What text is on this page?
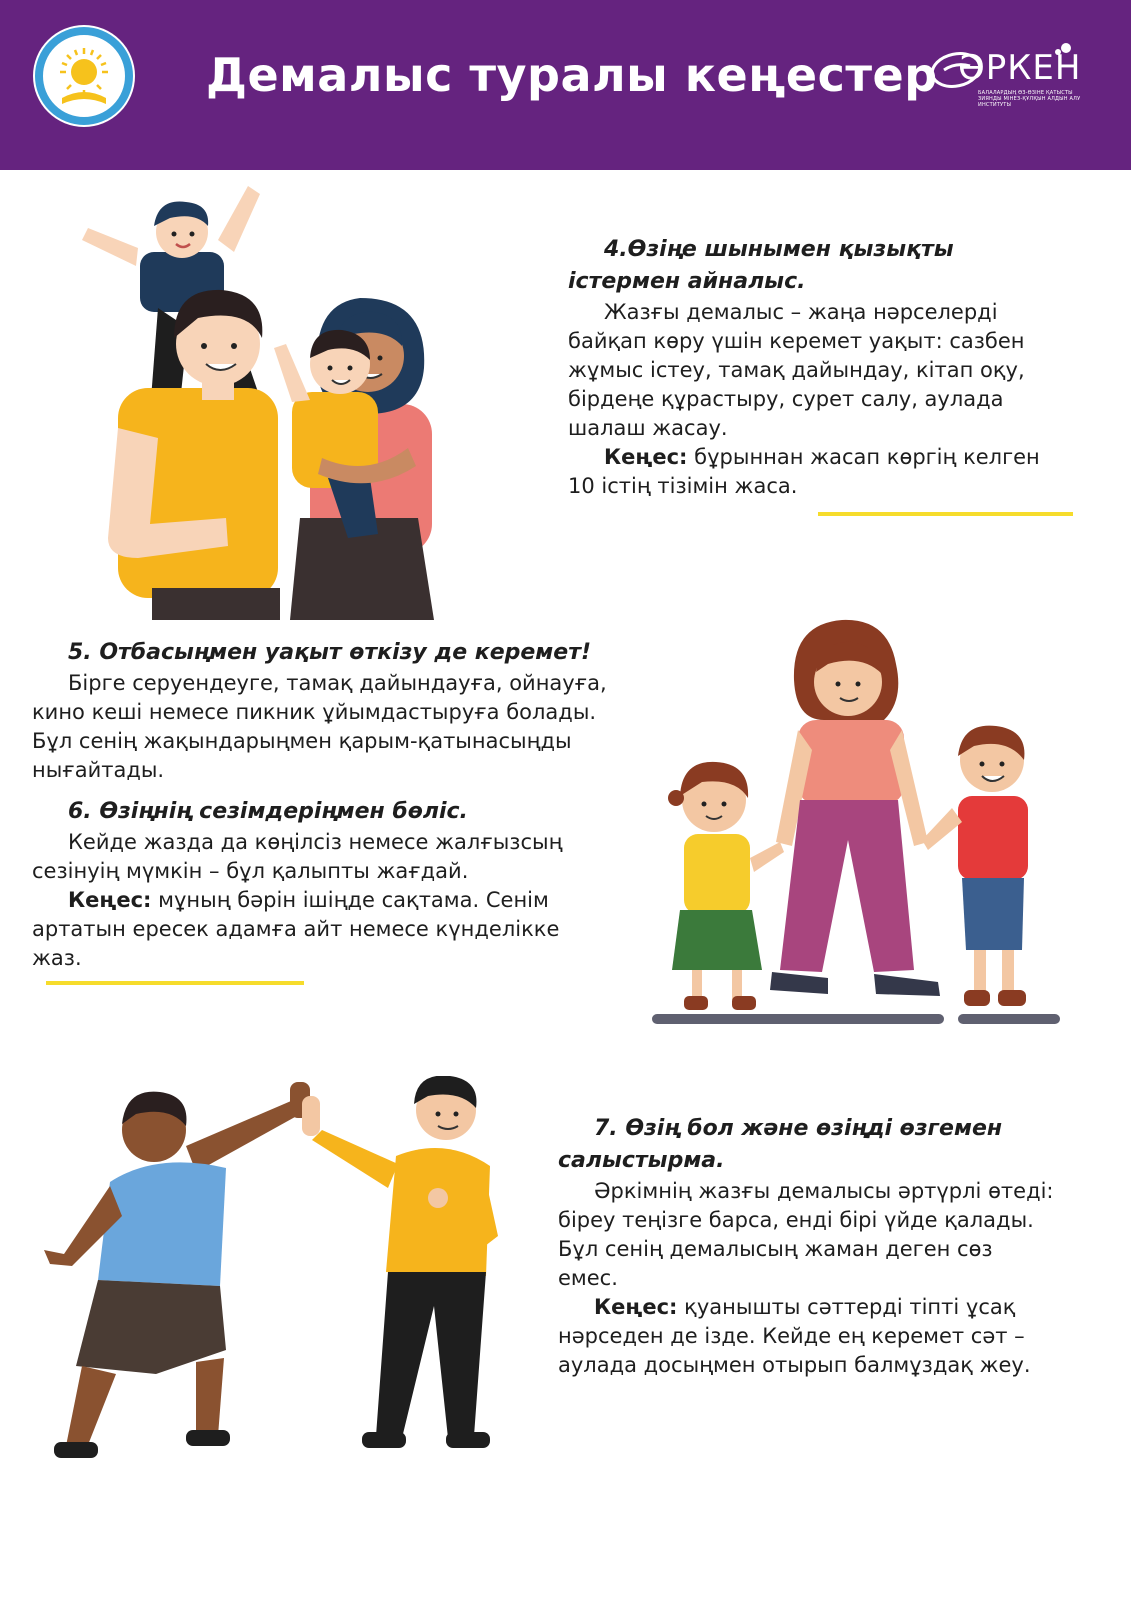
Демалыс туралы кеңестер ӘРКЕН
БАЛАЛАРДЫҢ ӨЗ-ӨЗІНЕ ҚАТЫСТЫ ЗИЯНДЫ МІНЕЗ-ҚҰЛҚЫН АЛДЫН АЛУ ИНСТИТУТЫ
4.Өзіңе шынымен қызықты істермен айналыс.

Жазғы демалыс – жаңа нәрселерді байқап көру үшін керемет уақыт: сазбен жұмыс істеу, тамақ дайындау, кітап оқу, бірдеңе құрастыру, сурет салу, аулада шалаш жасау.

Кеңес: бұрыннан жасап көргің келген 10 істің тізімін жаса.

5. Отбасыңмен уақыт өткізу де керемет!

Бірге серуендеуге, тамақ дайындауға, ойнауға, кино кеші немесе пикник ұйымдастыруға болады. Бұл сенің жақындарыңмен қарым-қатынасыңды нығайтады.

6. Өзіңнің сезімдеріңмен бөліс.

Кейде жазда да көңілсіз немесе жалғызсың сезінуің мүмкін – бұл қалыпты жағдай.

Кеңес: мұның бәрін ішіңде сақтама. Сенім артатын ересек адамға айт немесе күнделікке жаз.

7. Өзің бол және өзіңді өзгемен салыстырма.

Әркімнің жазғы демалысы әртүрлі өтеді: біреу теңізге барса, енді бірі үйде қалады. Бұл сенің демалысың жаман деген сөз емес.

Кеңес: қуанышты сәттерді тіпті ұсақ нәрседен де ізде. Кейде ең керемет сәт – аулада досыңмен отырып балмұздақ жеу.
